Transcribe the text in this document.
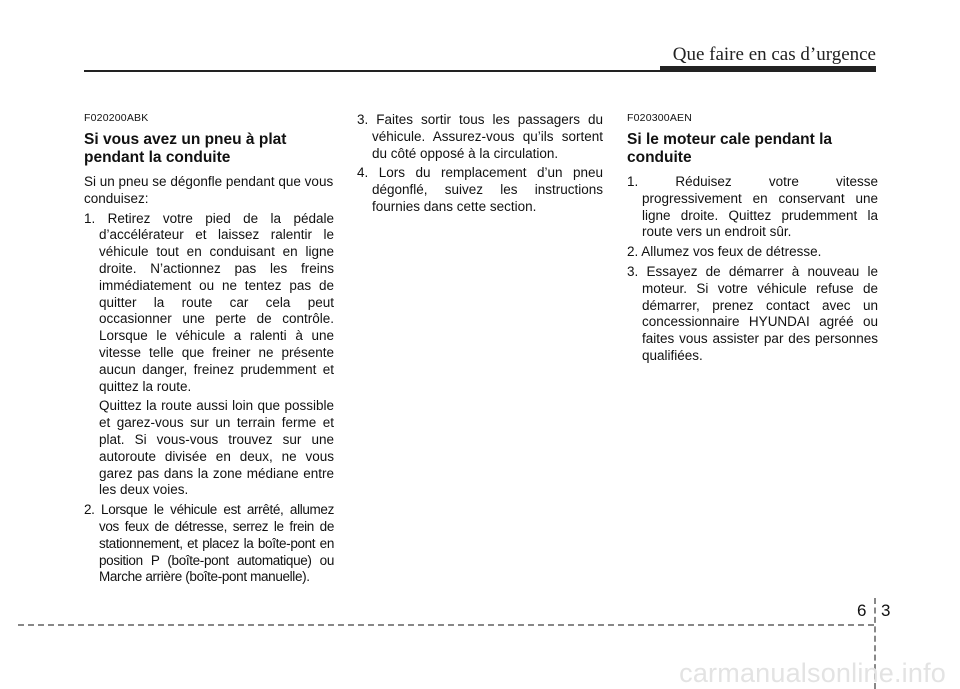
Que faire en cas d’urgence

F020200ABK

Si vous avez un pneu à plat pendant la conduite

Si un pneu se dégonfle pendant que vous conduisez:

1. Retirez votre pied de la pédale d’accélérateur et laissez ralentir le véhicule tout en conduisant en ligne droite. N’actionnez pas les freins immédiatement ou ne tentez pas de quitter la route car cela peut occasionner une perte de contrôle. Lorsque le véhicule a ralenti à une vitesse telle que freiner ne présente aucun danger, freinez prudemment et quittez la route.
Quittez la route aussi loin que possible et garez-vous sur un terrain ferme et plat. Si vous-vous trouvez sur une autoroute divisée en deux, ne vous garez pas dans la zone médiane entre les deux voies.
2. Lorsque le véhicule est arrêté, allumez vos feux de détresse, serrez le frein de stationnement, et placez la boîte-pont en position P (boîte-pont automatique) ou Marche arrière (boîte-pont manuelle).
3. Faites sortir tous les passagers du véhicule. Assurez-vous qu’ils sortent du côté opposé à la circulation.
4. Lors du remplacement d’un pneu dégonflé, suivez les instructions fournies dans cette section.

F020300AEN

Si le moteur cale pendant la conduite
1. Réduisez votre vitesse progressivement en conservant une ligne droite. Quittez prudemment la route vers un endroit sûr.
2. Allumez vos feux de détresse.
3. Essayez de démarrer à nouveau le moteur. Si votre véhicule refuse de démarrer, prenez contact avec un concessionnaire HYUNDAI agréé ou faites vous assister par des personnes qualifiées.
6 3
carmanualsonline.info
